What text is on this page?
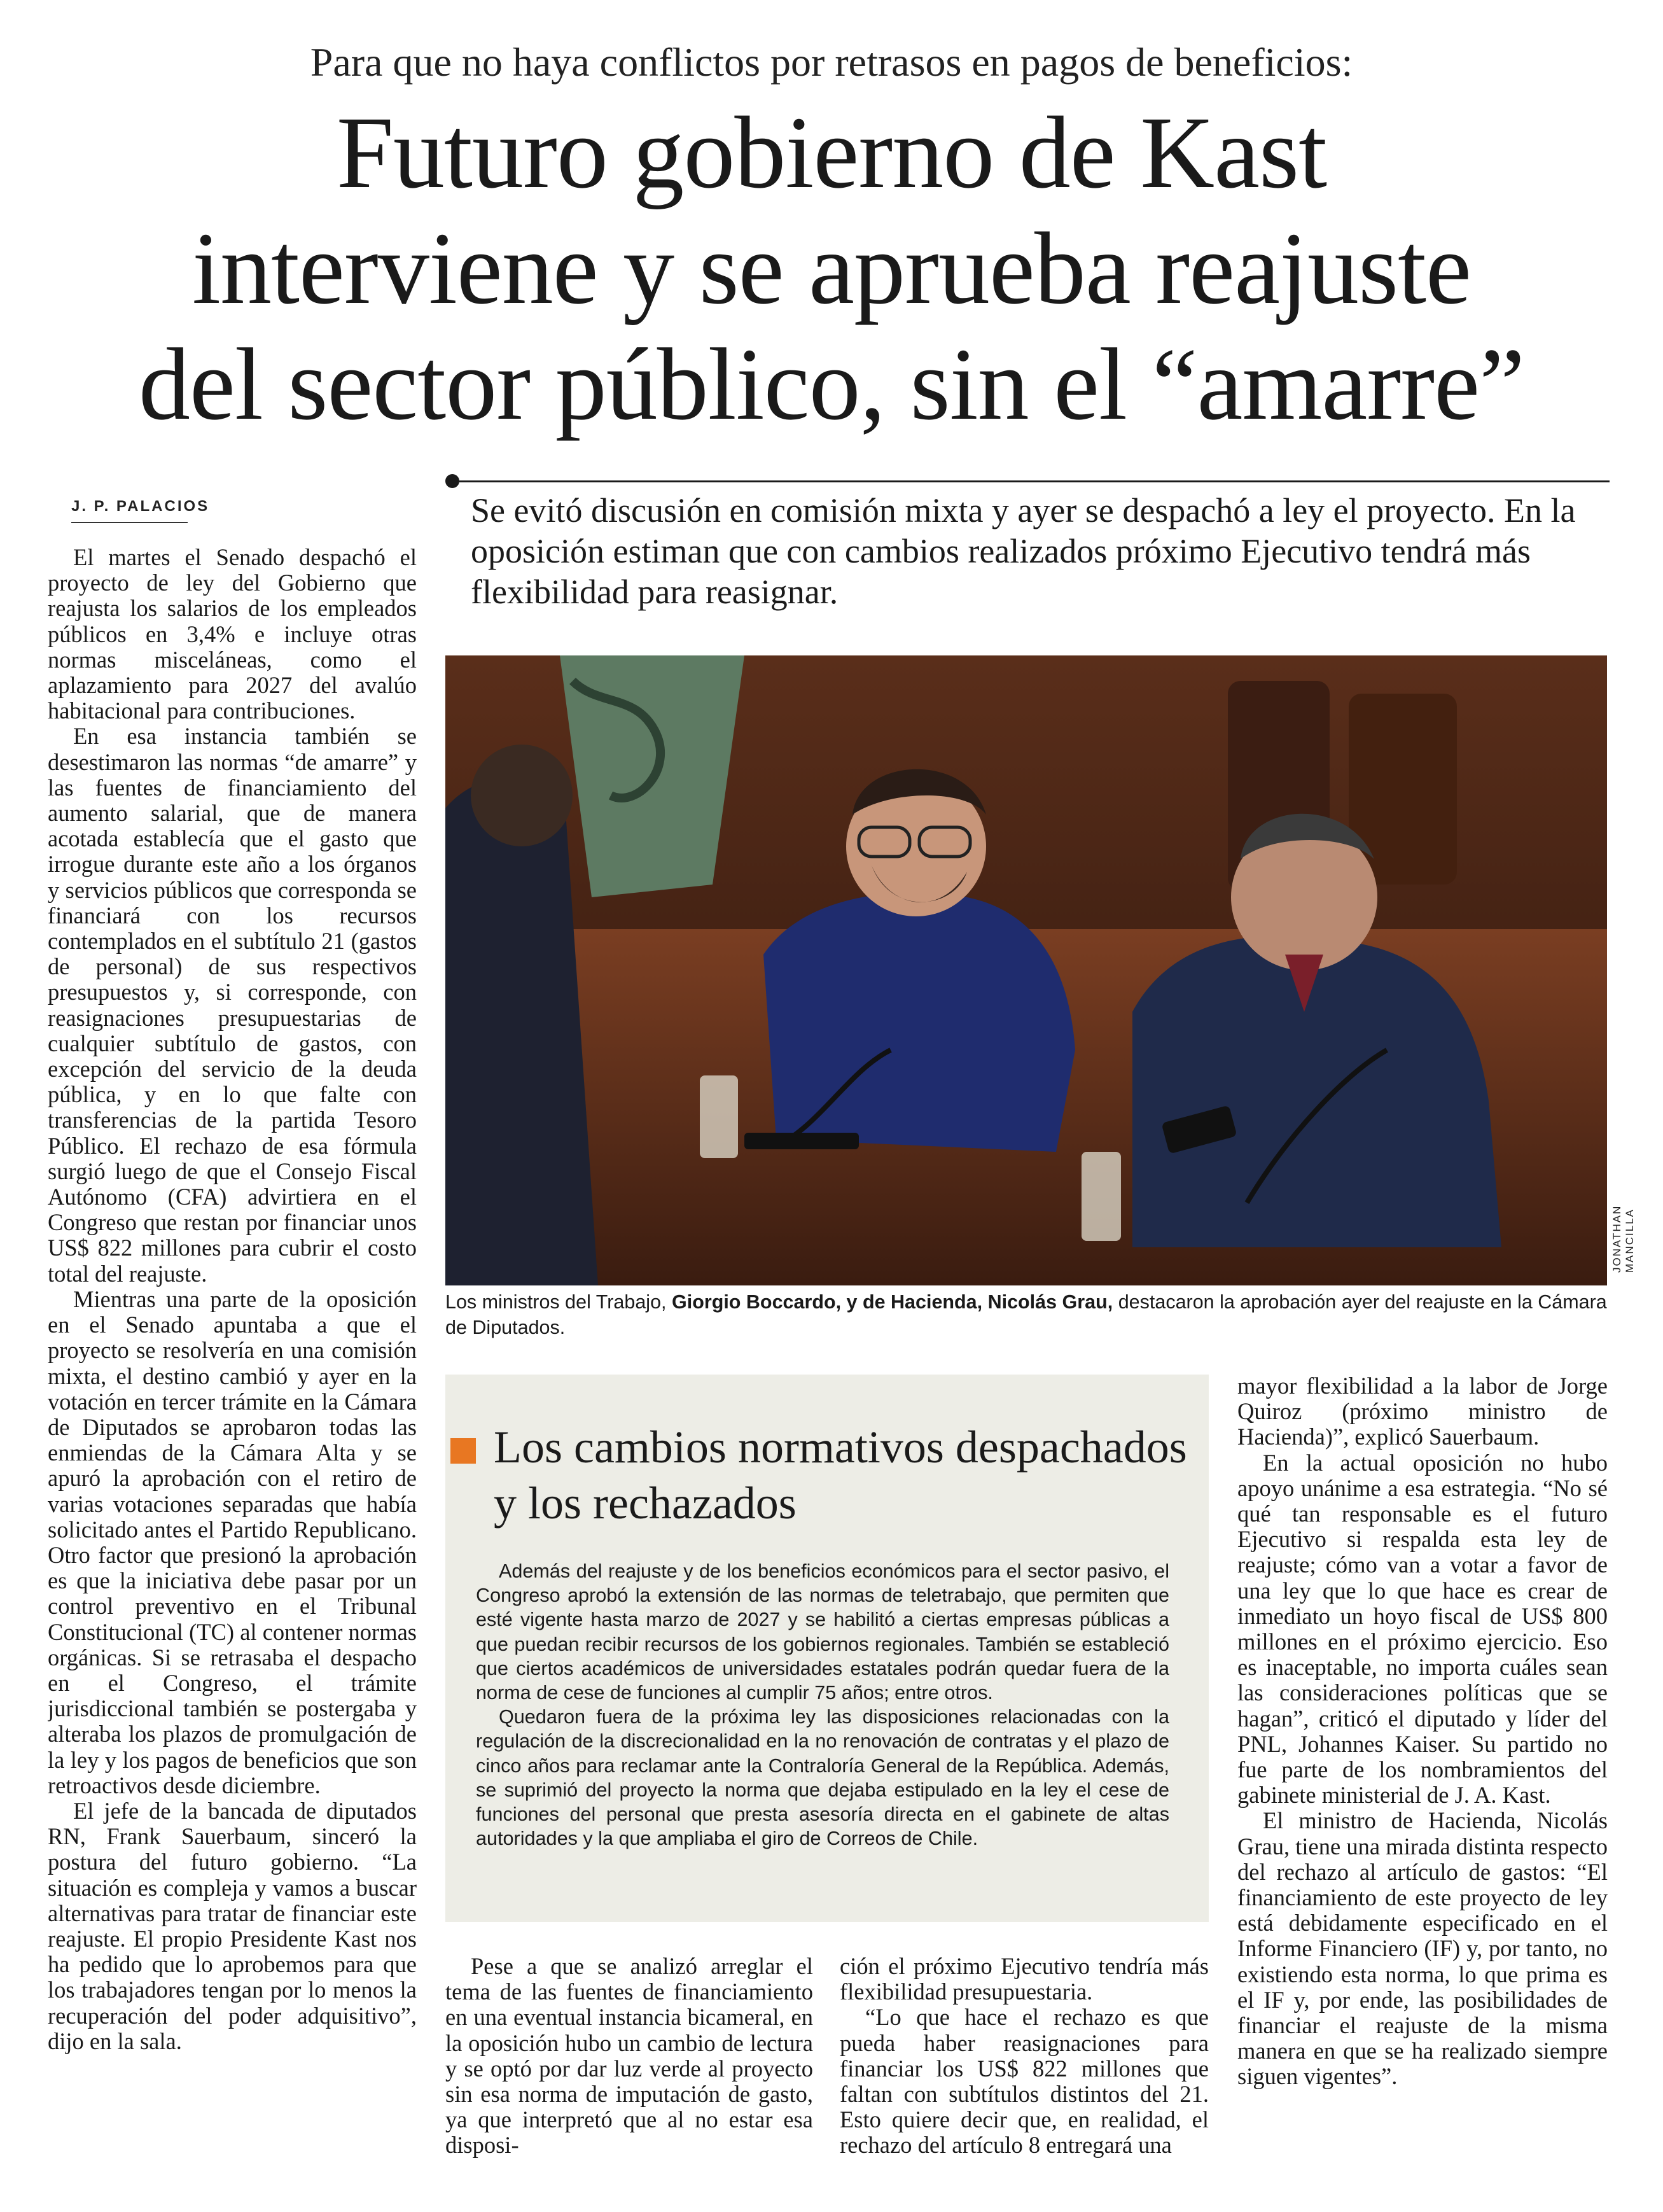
Para que no haya conflictos por retrasos en pagos de beneficios:
Futuro gobierno de Kast
interviene y se aprueba reajuste
del sector público, sin el “amarre”
J. P. PALACIOS	Se evitó discusión en comisión mixta y ayer se despachó a ley el proyecto. En la oposición estiman que con cambios realizados próximo Ejecutivo tendrá más flexibilidad para reasignar.

El martes el Senado despachó el proyecto de ley del Gobierno que reajusta los salarios de los empleados públicos en 3,4% e incluye otras normas misceláneas, como el aplazamiento para 2027 del avalúo habitacional para contribuciones.

En esa instancia también se desestimaron las normas “de amarre” y las fuentes de financiamiento del aumento salarial, que de manera acotada establecía que el gasto que irrogue durante este año a los órganos y servicios públicos que corresponda se financiará con los recursos contemplados en el subtítulo 21 (gastos de personal) de sus respectivos presupuestos y, si corresponde, con reasignaciones presupuestarias de cualquier subtítulo de gastos, con excepción del servicio de la deuda pública, y en lo que falte con transferencias de la partida Tesoro Público. El rechazo de esa fórmula surgió luego de que el Consejo Fiscal Autónomo (CFA) advirtiera en el Congreso que restan por financiar unos US$ 822 millones para cubrir el costo total del reajuste.

Mientras una parte de la oposición en el Senado apuntaba a que el proyecto se resolvería en una comisión mixta, el destino cambió y ayer en la votación en tercer trámite en la Cámara de Diputados se aprobaron todas las enmiendas de la Cámara Alta y se apuró la aprobación con el retiro de varias votaciones separadas que había solicitado antes el Partido Republicano. Otro factor que presionó la aprobación es que la iniciativa debe pasar por un control preventivo en el Tribunal Constitucional (TC) al contener normas orgánicas. Si se retrasaba el despacho en el Congreso, el trámite jurisdiccional también se postergaba y alteraba los plazos de promulgación de la ley y los pagos de beneficios que son retroactivos desde diciembre.

El jefe de la bancada de diputados RN, Frank Sauerbaum, sinceró la postura del futuro gobierno. “La situación es compleja y vamos a buscar alternativas para tratar de financiar este reajuste. El propio Presidente Kast nos ha pedido que lo aprobemos para que los trabajadores tengan por lo menos la recuperación del poder adquisitivo”, dijo en la sala.

JONATHAN MANCILLA
Los ministros del Trabajo, Giorgio Boccardo, y de Hacienda, Nicolás Grau, destacaron la aprobación ayer del reajuste en la Cámara de Diputados.
Los cambios normativos despachados y los rechazados

Además del reajuste y de los beneficios económicos para el sector pasivo, el Congreso aprobó la extensión de las normas de teletrabajo, que permiten que esté vigente hasta marzo de 2027 y se habilitó a ciertas empresas públicas a que puedan recibir recursos de los gobiernos regionales. También se estableció que ciertos académicos de universidades estatales podrán quedar fuera de la norma de cese de funciones al cumplir 75 años; entre otros.

Quedaron fuera de la próxima ley las disposiciones relacionadas con la regulación de la discrecionalidad en la no renovación de contratas y el plazo de cinco años para reclamar ante la Contraloría General de la República. Además, se suprimió del proyecto la norma que dejaba estipulado en la ley el cese de funciones del personal que presta asesoría directa en el gabinete de altas autoridades y la que ampliaba el giro de Correos de Chile.

Pese a que se analizó arreglar el tema de las fuentes de financiamiento en una eventual instancia bicameral, en la oposición hubo un cambio de lectura y se optó por dar luz verde al proyecto sin esa norma de imputación de gasto, ya que interpretó que al no estar esa disposi-

ción el próximo Ejecutivo tendría más flexibilidad presupuestaria.

“Lo que hace el rechazo es que pueda haber reasignaciones para financiar los US$ 822 millones que faltan con subtítulos distintos del 21. Esto quiere decir que, en realidad, el rechazo del artículo 8 entregará una

mayor flexibilidad a la labor de Jorge Quiroz (próximo ministro de Hacienda)”, explicó Sauerbaum.

En la actual oposición no hubo apoyo unánime a esa estrategia. “No sé qué tan responsable es el futuro Ejecutivo si respalda esta ley de reajuste; cómo van a votar a favor de una ley que lo que hace es crear de inmediato un hoyo fiscal de US$ 800 millones en el próximo ejercicio. Eso es inaceptable, no importa cuáles sean las consideraciones políticas que se hagan”, criticó el diputado y líder del PNL, Johannes Kaiser. Su partido no fue parte de los nombramientos del gabinete ministerial de J. A. Kast.

El ministro de Hacienda, Nicolás Grau, tiene una mirada distinta respecto del rechazo al artículo de gastos: “El financiamiento de este proyecto de ley está debidamente especificado en el Informe Financiero (IF) y, por tanto, no existiendo esta norma, lo que prima es el IF y, por ende, las posibilidades de financiar el reajuste de la misma manera en que se ha realizado siempre siguen vigentes”.
